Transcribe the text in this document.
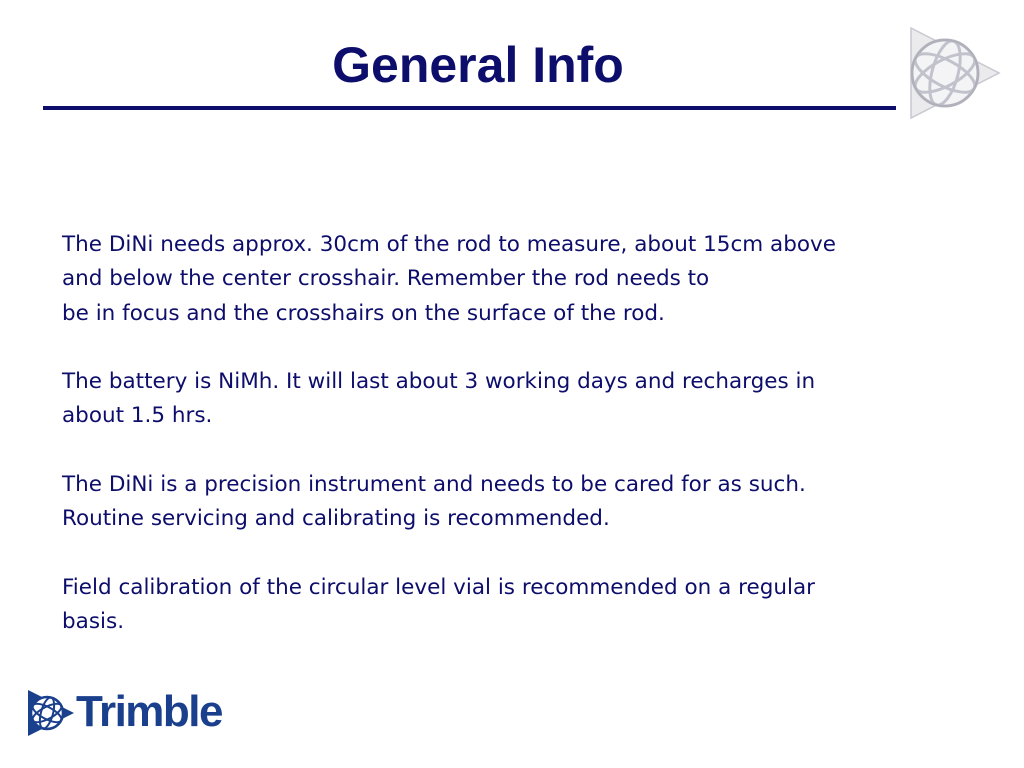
General Info

The DiNi needs approx. 30cm of the rod to measure, about 15cm above
and below the center crosshair. Remember the rod needs to
be in focus and the crosshairs on the surface of the rod.

The battery is NiMh. It will last about 3 working days and recharges in
about 1.5 hrs.

The DiNi is a precision instrument and needs to be cared for as such.
Routine servicing and calibrating is recommended.

Field calibration of the circular level vial is recommended on a regular
basis.

Trimble
